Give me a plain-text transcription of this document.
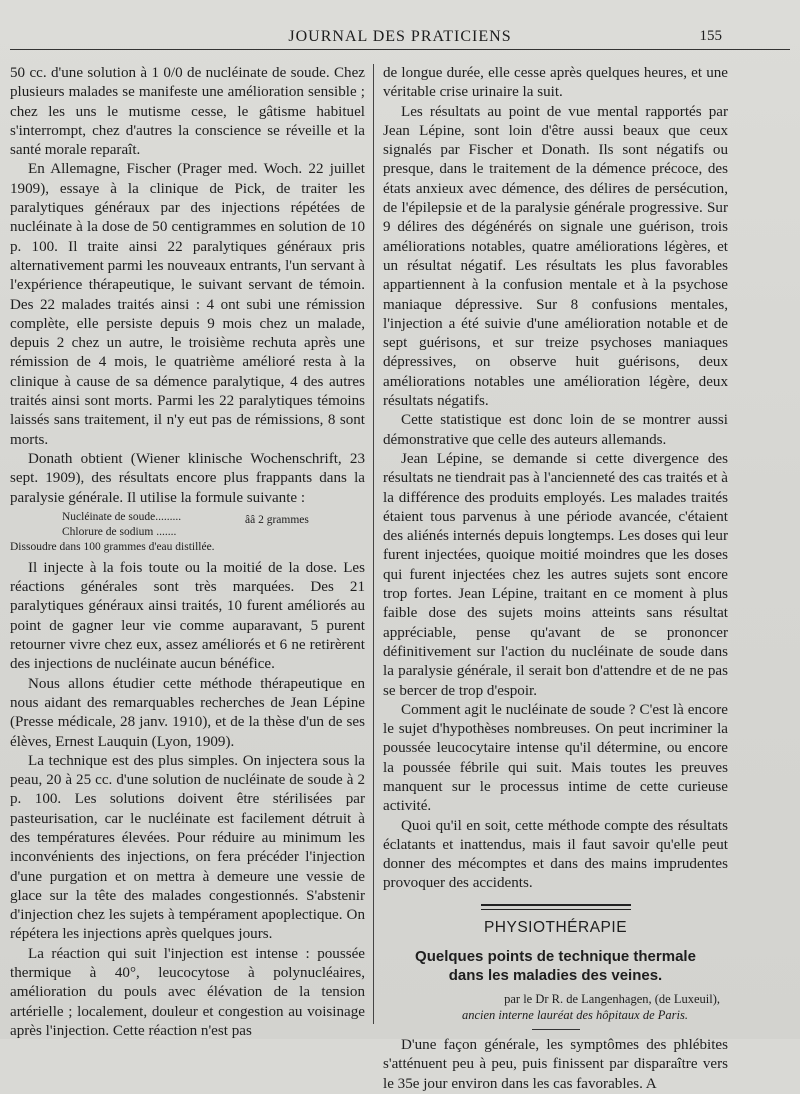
JOURNAL DES PRATICIENS	155

50 cc. d'une solution à 1 0/0 de nucléinate de soude. Chez plusieurs malades se manifeste une amélioration sensible ; chez les uns le mutisme cesse, le gâtisme habituel s'interrompt, chez d'autres la conscience se réveille et la santé morale reparaît.

En Allemagne, Fischer (Prager med. Woch. 22 juillet 1909), essaye à la clinique de Pick, de traiter les paralytiques généraux par des injections répétées de nucléinate à la dose de 50 centigrammes en solution de 10 p. 100. Il traite ainsi 22 paralytiques généraux pris alternativement parmi les nouveaux entrants, l'un servant à l'expérience thérapeutique, le suivant servant de témoin. Des 22 malades traités ainsi : 4 ont subi une rémission complète, elle persiste depuis 9 mois chez un malade, depuis 2 chez un autre, le troisième rechuta après une rémission de 4 mois, le quatrième amélioré resta à la clinique à cause de sa démence paralytique, 4 des autres traités ainsi sont morts. Parmi les 22 paralytiques témoins laissés sans traitement, il n'y eut pas de rémissions, 8 sont morts.

Donath obtient (Wiener klinische Wochenschrift, 23 sept. 1909), des résultats encore plus frappants dans la paralysie générale. Il utilise la formule suivante :

Nucléinate de soude.........
Chlorure de sodium .......
ââ 2 grammes
Dissoudre dans 100 grammes d'eau distillée.

Il injecte à la fois toute ou la moitié de la dose. Les réactions générales sont très marquées. Des 21 paralytiques généraux ainsi traités, 10 furent améliorés au point de gagner leur vie comme auparavant, 5 purent retourner vivre chez eux, assez améliorés et 6 ne retirèrent des injections de nucléinate aucun bénéfice.

Nous allons étudier cette méthode thérapeutique en nous aidant des remarquables recherches de Jean Lépine (Presse médicale, 28 janv. 1910), et de la thèse d'un de ses élèves, Ernest Lauquin (Lyon, 1909).

La technique est des plus simples. On injectera sous la peau, 20 à 25 cc. d'une solution de nucléinate de soude à 2 p. 100. Les solutions doivent être stérilisées par pasteurisation, car le nucléinate est facilement détruit à des températures élevées. Pour réduire au minimum les inconvénients des injections, on fera précéder l'injection d'une purgation et on mettra à demeure une vessie de glace sur la tête des malades congestionnés. S'abstenir d'injection chez les sujets à tempérament apoplectique. On répétera les injections après quelques jours.

La réaction qui suit l'injection est intense : poussée thermique à 40°, leucocytose à polynucléaires, amélioration du pouls avec élévation de la tension artérielle ; localement, douleur et congestion au voisinage après l'injection. Cette réaction n'est pas

de longue durée, elle cesse après quelques heures, et une véritable crise urinaire la suit.

Les résultats au point de vue mental rapportés par Jean Lépine, sont loin d'être aussi beaux que ceux signalés par Fischer et Donath. Ils sont négatifs ou presque, dans le traitement de la démence précoce, des états anxieux avec démence, des délires de persécution, de l'épilepsie et de la paralysie générale progressive. Sur 9 délires des dégénérés on signale une guérison, trois améliorations notables, quatre améliorations légères, et un résultat négatif. Les résultats les plus favorables appartiennent à la confusion mentale et à la psychose maniaque dépressive. Sur 8 confusions mentales, l'injection a été suivie d'une amélioration notable et de sept guérisons, et sur treize psychoses maniaques dépressives, on observe huit guérisons, deux améliorations notables une amélioration légère, deux résultats négatifs.

Cette statistique est donc loin de se montrer aussi démonstrative que celle des auteurs allemands.

Jean Lépine, se demande si cette divergence des résultats ne tiendrait pas à l'ancienneté des cas traités et à la différence des produits employés. Les malades traités étaient tous parvenus à une période avancée, c'étaient des aliénés internés depuis longtemps. Les doses qui leur furent injectées, quoique moitié moindres que les doses qui furent injectées chez les autres sujets sont encore trop fortes. Jean Lépine, traitant en ce moment à plus faible dose des sujets moins atteints sans résultat appréciable, pense qu'avant de se prononcer définitivement sur l'action du nucléinate de soude dans la paralysie générale, il serait bon d'attendre et de ne pas se bercer de trop d'espoir.

Comment agit le nucléinate de soude ? C'est là encore le sujet d'hypothèses nombreuses. On peut incriminer la poussée leucocytaire intense qu'il détermine, ou encore la poussée fébrile qui suit. Mais toutes les preuves manquent sur le processus intime de cette curieuse activité.

Quoi qu'il en soit, cette méthode compte des résultats éclatants et inattendus, mais il faut savoir qu'elle peut donner des mécomptes et dans des mains imprudentes provoquer des accidents.

PHYSIOTHÉRAPIE
Quelques points de technique thermale
dans les maladies des veines.
par le Dr R. de Langenhagen, (de Luxeuil),
ancien interne lauréat des hôpitaux de Paris.

D'une façon générale, les symptômes des phlébites s'atténuent peu à peu, puis finissent par disparaître vers le 35e jour environ dans les cas favorables. A
